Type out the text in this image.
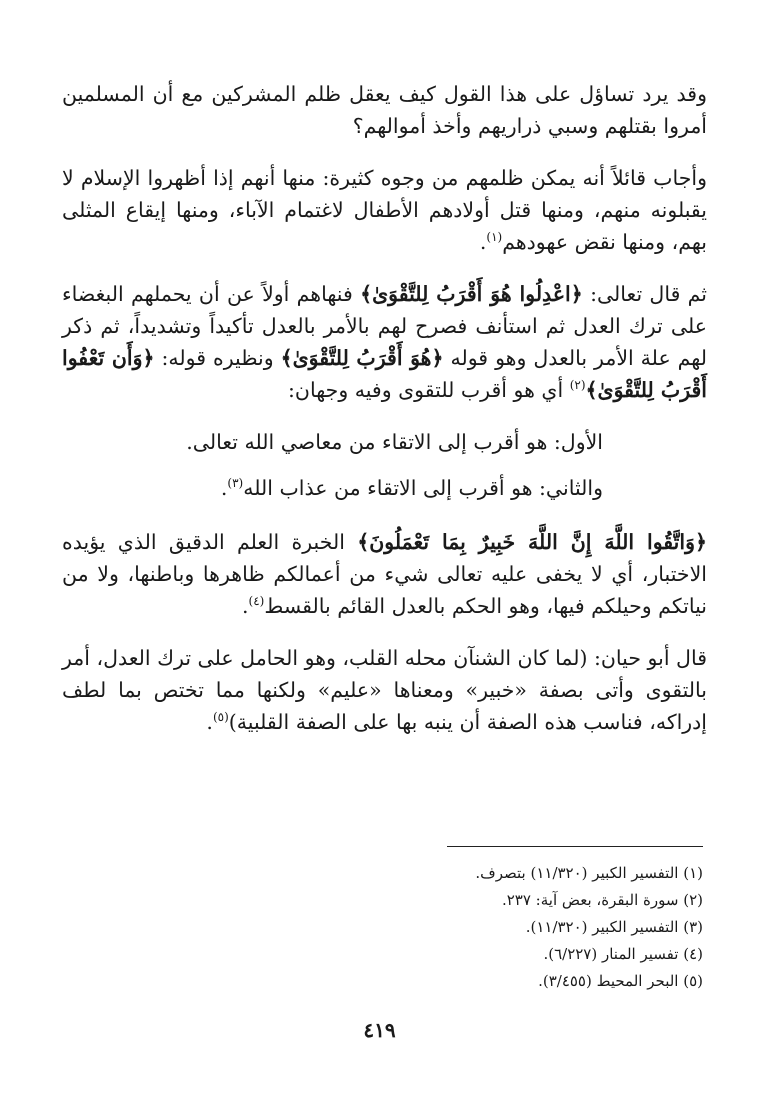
وقد يرد تساؤل على هذا القول كيف يعقل ظلم المشركين مع أن المسلمين أمروا بقتلهم وسبي ذراريهم وأخذ أموالهم؟

وأجاب قائلاً أنه يمكن ظلمهم من وجوه كثيرة: منها أنهم إذا أظهروا الإسلام لا يقبلونه منهم، ومنها قتل أولادهم الأطفال لاغتمام الآباء، ومنها إيقاع المثلى بهم، ومنها نقض عهودهم$^{(١)}$.

ثم قال تعالى: ﴿اعْدِلُوا هُوَ أَقْرَبُ لِلتَّقْوَىٰ﴾ فنهاهم أولاً عن أن يحملهم البغضاء على ترك العدل ثم استأنف فصرح لهم بالأمر بالعدل تأكيداً وتشديداً، ثم ذكر لهم علة الأمر بالعدل وهو قوله ﴿هُوَ أَقْرَبُ لِلتَّقْوَىٰ﴾ ونظيره قوله: ﴿وَأَن تَعْفُوا أَقْرَبُ لِلتَّقْوَىٰ﴾$^{(٢)}$ أي هو أقرب للتقوى وفيه وجهان:

الأول: هو أقرب إلى الاتقاء من معاصي الله تعالى.

والثاني: هو أقرب إلى الاتقاء من عذاب الله$^{(٣)}$.

﴿وَاتَّقُوا اللَّهَ إِنَّ اللَّهَ خَبِيرٌ بِمَا تَعْمَلُونَ﴾ الخبرة العلم الدقيق الذي يؤيده الاختبار، أي لا يخفى عليه تعالى شيء من أعمالكم ظاهرها وباطنها، ولا من نياتكم وحيلكم فيها، وهو الحكم بالعدل القائم بالقسط$^{(٤)}$.

قال أبو حيان: (لما كان الشنآن محله القلب، وهو الحامل على ترك العدل، أمر بالتقوى وأتى بصفة «خبير» ومعناها «عليم» ولكنها مما تختص بما لطف إدراكه، فناسب هذه الصفة أن ينبه بها على الصفة القلبية)$^{(٥)}$.

(١) التفسير الكبير (١١/٣٢٠) بتصرف.
(٢) سورة البقرة، بعض آية: ٢٣٧.
(٣) التفسير الكبير (١١/٣٢٠).
(٤) تفسير المنار (٦/٢٢٧).
(٥) البحر المحيط (٣/٤٥٥).
٤١٩
